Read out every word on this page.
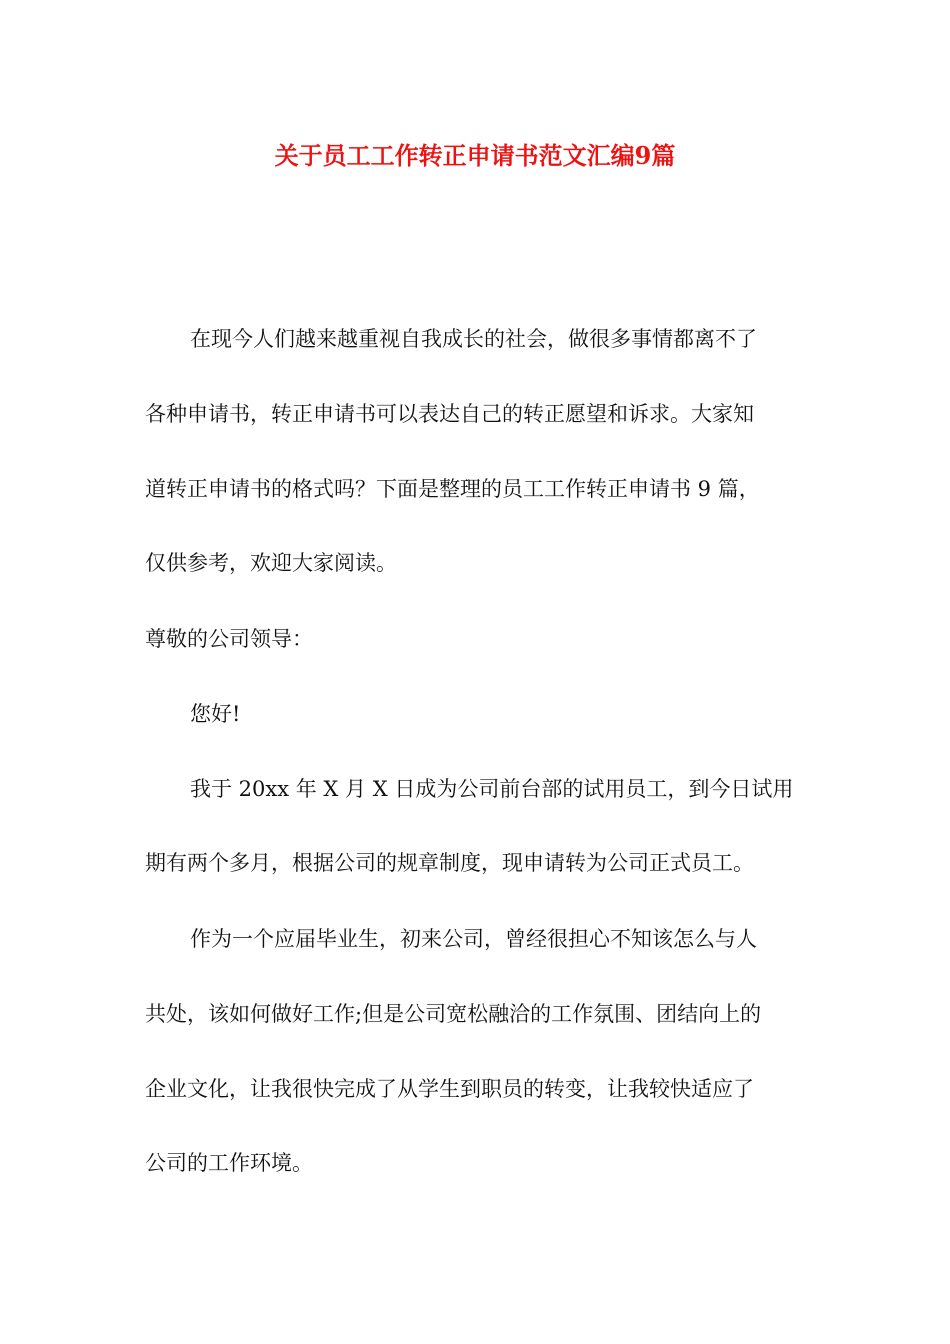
关于员工工作转正申请书范文汇编9篇
在现今人们越来越重视自我成长的社会，做很多事情都离不了
各种申请书，转正申请书可以表达自己的转正愿望和诉求。大家知
道转正申请书的格式吗？下面是整理的员工工作转正申请书 9 篇，
仅供参考，欢迎大家阅读。
尊敬的公司领导：
您好!
我于 20xx 年 X 月 X 日成为公司前台部的试用员工，到今日试用
期有两个多月，根据公司的规章制度，现申请转为公司正式员工。
作为一个应届毕业生，初来公司，曾经很担心不知该怎么与人
共处，该如何做好工作;但是公司宽松融洽的工作氛围、团结向上的
企业文化，让我很快完成了从学生到职员的转变，让我较快适应了
公司的工作环境。
